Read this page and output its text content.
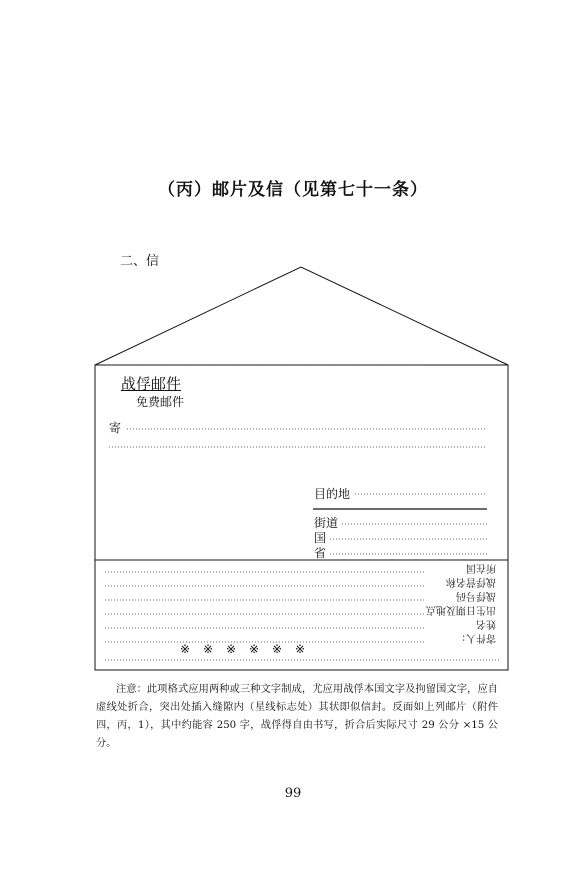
（丙）邮片及信（见第七十一条）
二、信
战俘邮件
免费邮件
寄
目的地
街道
国
省
寄件人：
姓名
出生日期及地点
战俘号码
战俘营名称
所在国
※ ※ ※ ※ ※ ※
注意：此项格式应用两种或三种文字制成，尤应用战俘本国文字及拘留国文字，应自虚线处折合，突出处插入缝隙内（星线标志处）其状即似信封。反面如上列邮片（附件四，丙，1），其中约能容 250 字，战俘得自由书写，折合后实际尺寸 29 公分 ×15 公分。
99
